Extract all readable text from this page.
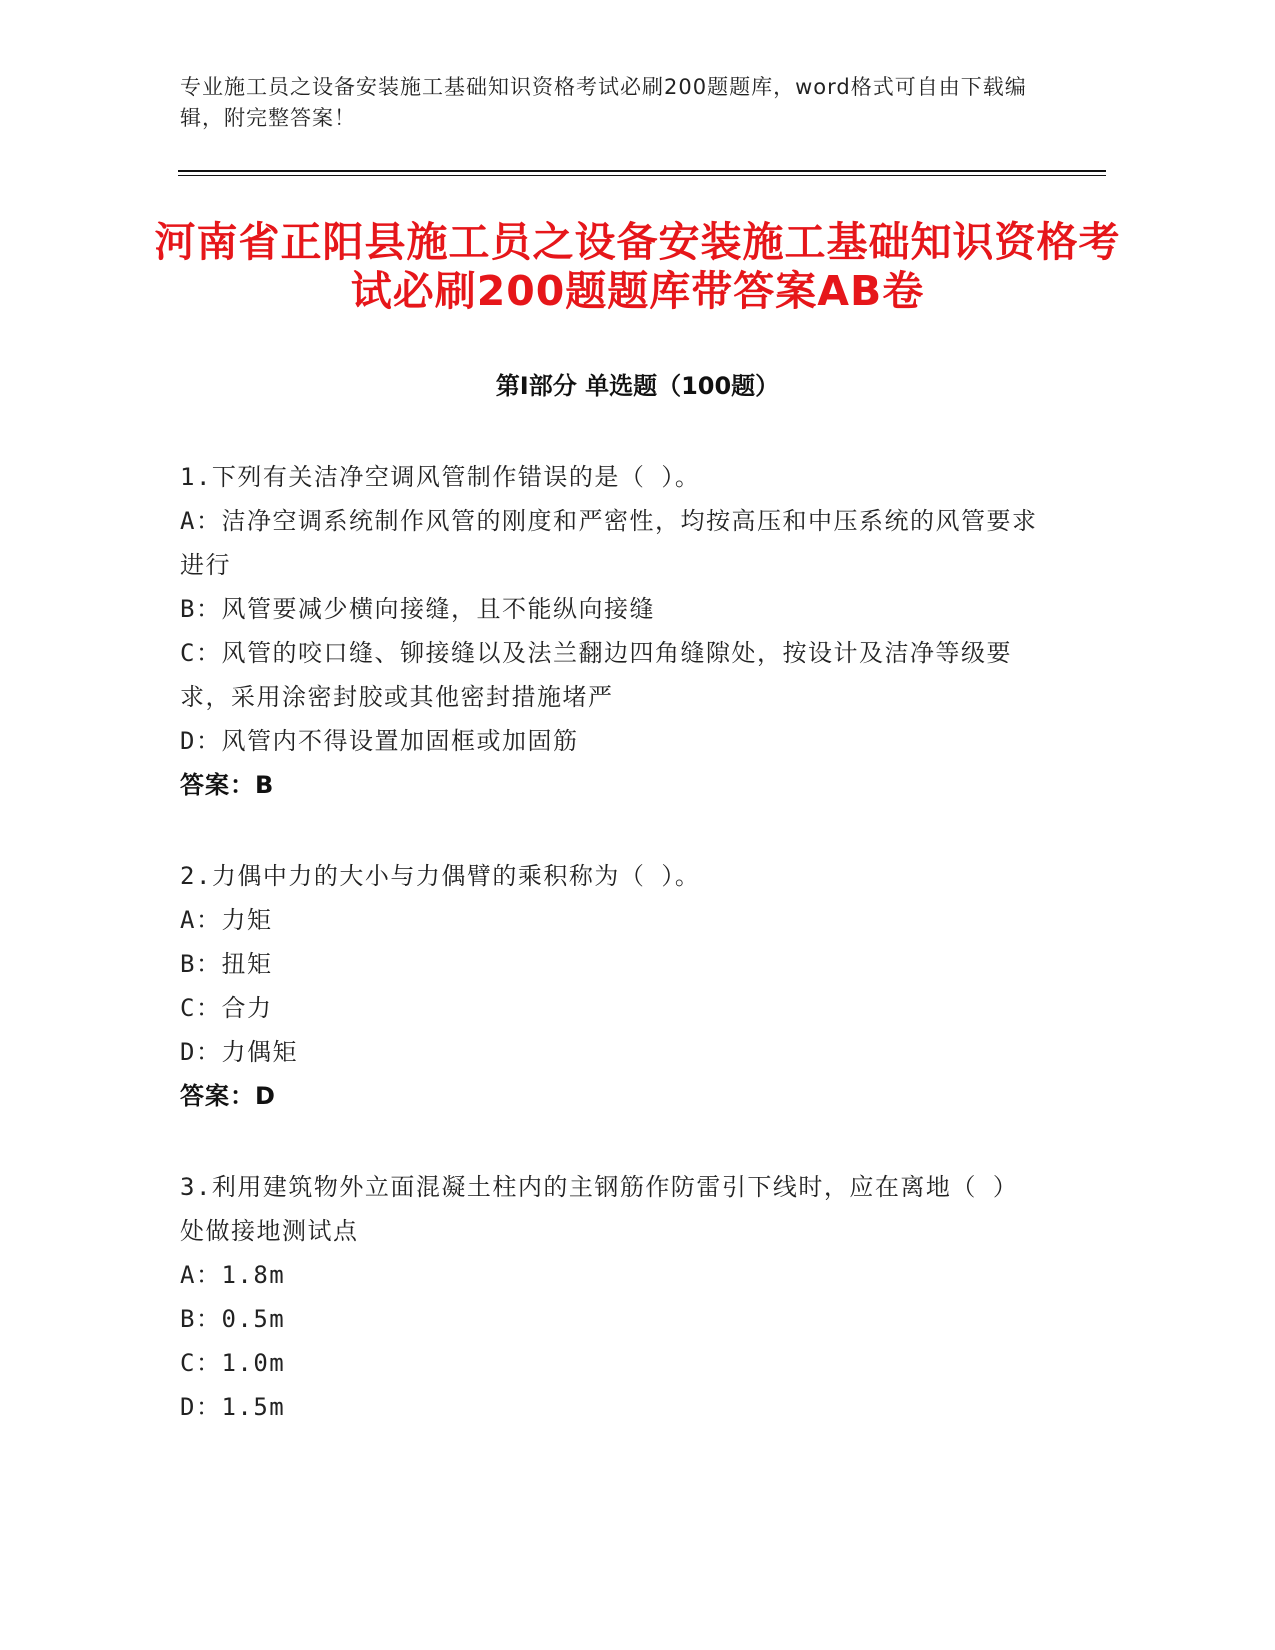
专业施工员之设备安装施工基础知识资格考试必刷200题题库，word格式可自由下载编辑，附完整答案！
河南省正阳县施工员之设备安装施工基础知识资格考试必刷200题题库带答案AB卷
第Ⅰ部分 单选题（100题）
1.下列有关洁净空调风管制作错误的是（ ）。
A：洁净空调系统制作风管的刚度和严密性，均按高压和中压系统的风管要求进行
B：风管要减少横向接缝，且不能纵向接缝
C：风管的咬口缝、铆接缝以及法兰翻边四角缝隙处，按设计及洁净等级要求，采用涂密封胶或其他密封措施堵严
D：风管内不得设置加固框或加固筋
答案：B
2.力偶中力的大小与力偶臂的乘积称为（ ）。
A：力矩
B：扭矩
C：合力
D：力偶矩
答案：D
3.利用建筑物外立面混凝土柱内的主钢筋作防雷引下线时，应在离地（ ）处做接地测试点
A：1.8m
B：0.5m
C：1.0m
D：1.5m
